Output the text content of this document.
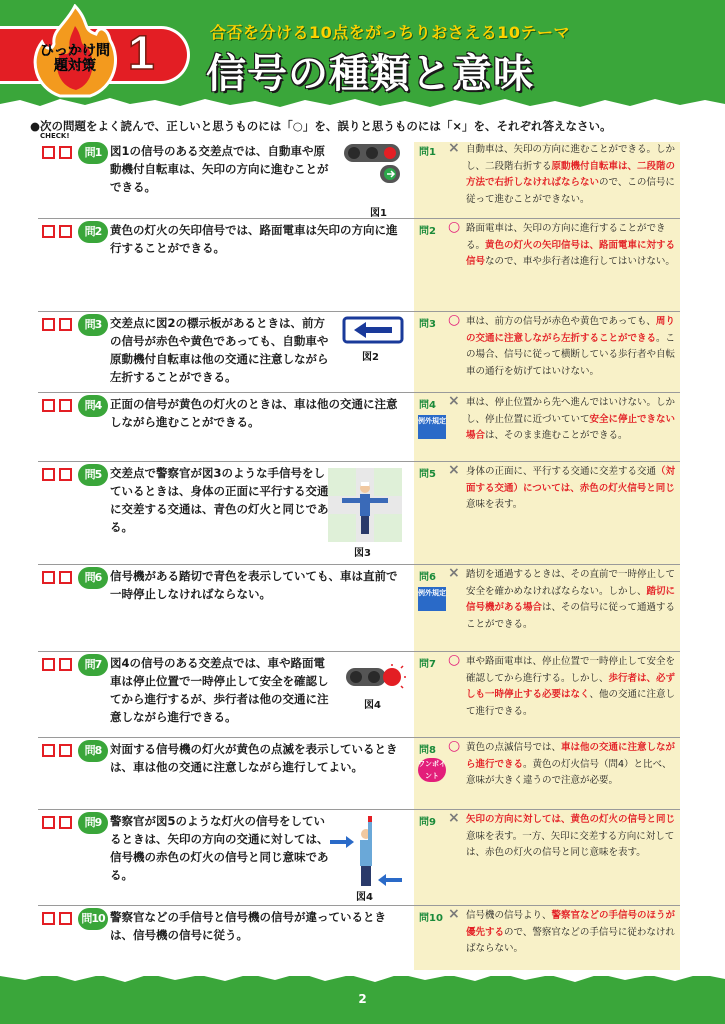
ひっかけ問題対策 1	合否を分ける10点をがっちりおさえる10テーマ
信号の種類と意味
●次の問題をよく読んで、正しいと思うものには「○」を、誤りと思うものには「×」を、それぞれ答えなさい。
CHECK!
問1 図1の信号のある交差点では、自動車や原動機付自転車は、矢印の方向に進むことができる。
図1
問1 × 自動車は、矢印の方向に進むことができる。しかし、二段階右折する原動機付自転車は、二段階の方法で右折しなければならないので、この信号に従って進むことができない。
問2 黄色の灯火の矢印信号では、路面電車は矢印の方向に進行することができる。
問2 ○ 路面電車は、矢印の方向に進行することができる。黄色の灯火の矢印信号は、路面電車に対する信号なので、車や歩行者は進行してはいけない。
問3 交差点に図2の標示板があるときは、前方の信号が赤色や黄色であっても、自動車や原動機付自転車は他の交通に注意しながら左折することができる。
図2
問3 ○ 車は、前方の信号が赤色や黄色であっても、周りの交通に注意しながら左折することができる。この場合、信号に従って横断している歩行者や自転車の通行を妨げてはいけない。
問4 正面の信号が黄色の灯火のときは、車は他の交通に注意しながら進むことができる。
問4 × 車は、停止位置から先へ進んではいけない。しかし、停止位置に近づいていて安全に停止できない場合は、そのまま進むことができる。
例外規定
問5 交差点で警察官が図3のような手信号をしているときは、身体の正面に平行する交通に交差する交通は、青色の灯火と同じである。
図3
問5 × 身体の正面に、平行する交通に交差する交通（対面する交通）については、赤色の灯火信号と同じ意味を表す。
問6 信号機がある踏切で青色を表示していても、車は直前で一時停止しなければならない。
問6 × 踏切を通過するときは、その直前で一時停止して安全を確かめなければならない。しかし、踏切に信号機がある場合は、その信号に従って通過することができる。
例外規定
問7 図4の信号のある交差点では、車や路面電車は停止位置で一時停止して安全を確認してから進行するが、歩行者は他の交通に注意しながら進行できる。
図4
問7 ○ 車や路面電車は、停止位置で一時停止して安全を確認してから進行する。しかし、歩行者は、必ずしも一時停止する必要はなく、他の交通に注意して進行できる。
問8 対面する信号機の灯火が黄色の点滅を表示しているときは、車は他の交通に注意しながら進行してよい。
問8 ○ 黄色の点滅信号では、車は他の交通に注意しながら進行できる。黄色の灯火信号（問4）と比べ、意味が大きく違うので注意が必要。
ワンポイント
問9 警察官が図5のような灯火の信号をしているときは、矢印の方向の交通に対しては、信号機の赤色の灯火の信号と同じ意味である。
図4
問9 × 矢印の方向に対しては、黄色の灯火の信号と同じ意味を表す。一方、矢印に交差する方向に対しては、赤色の灯火の信号と同じ意味を表す。
問10 警察官などの手信号と信号機の信号が違っているときは、信号機の信号に従う。
問10 × 信号機の信号より、警察官などの手信号のほうが優先するので、警察官などの手信号に従わなければならない。
2
